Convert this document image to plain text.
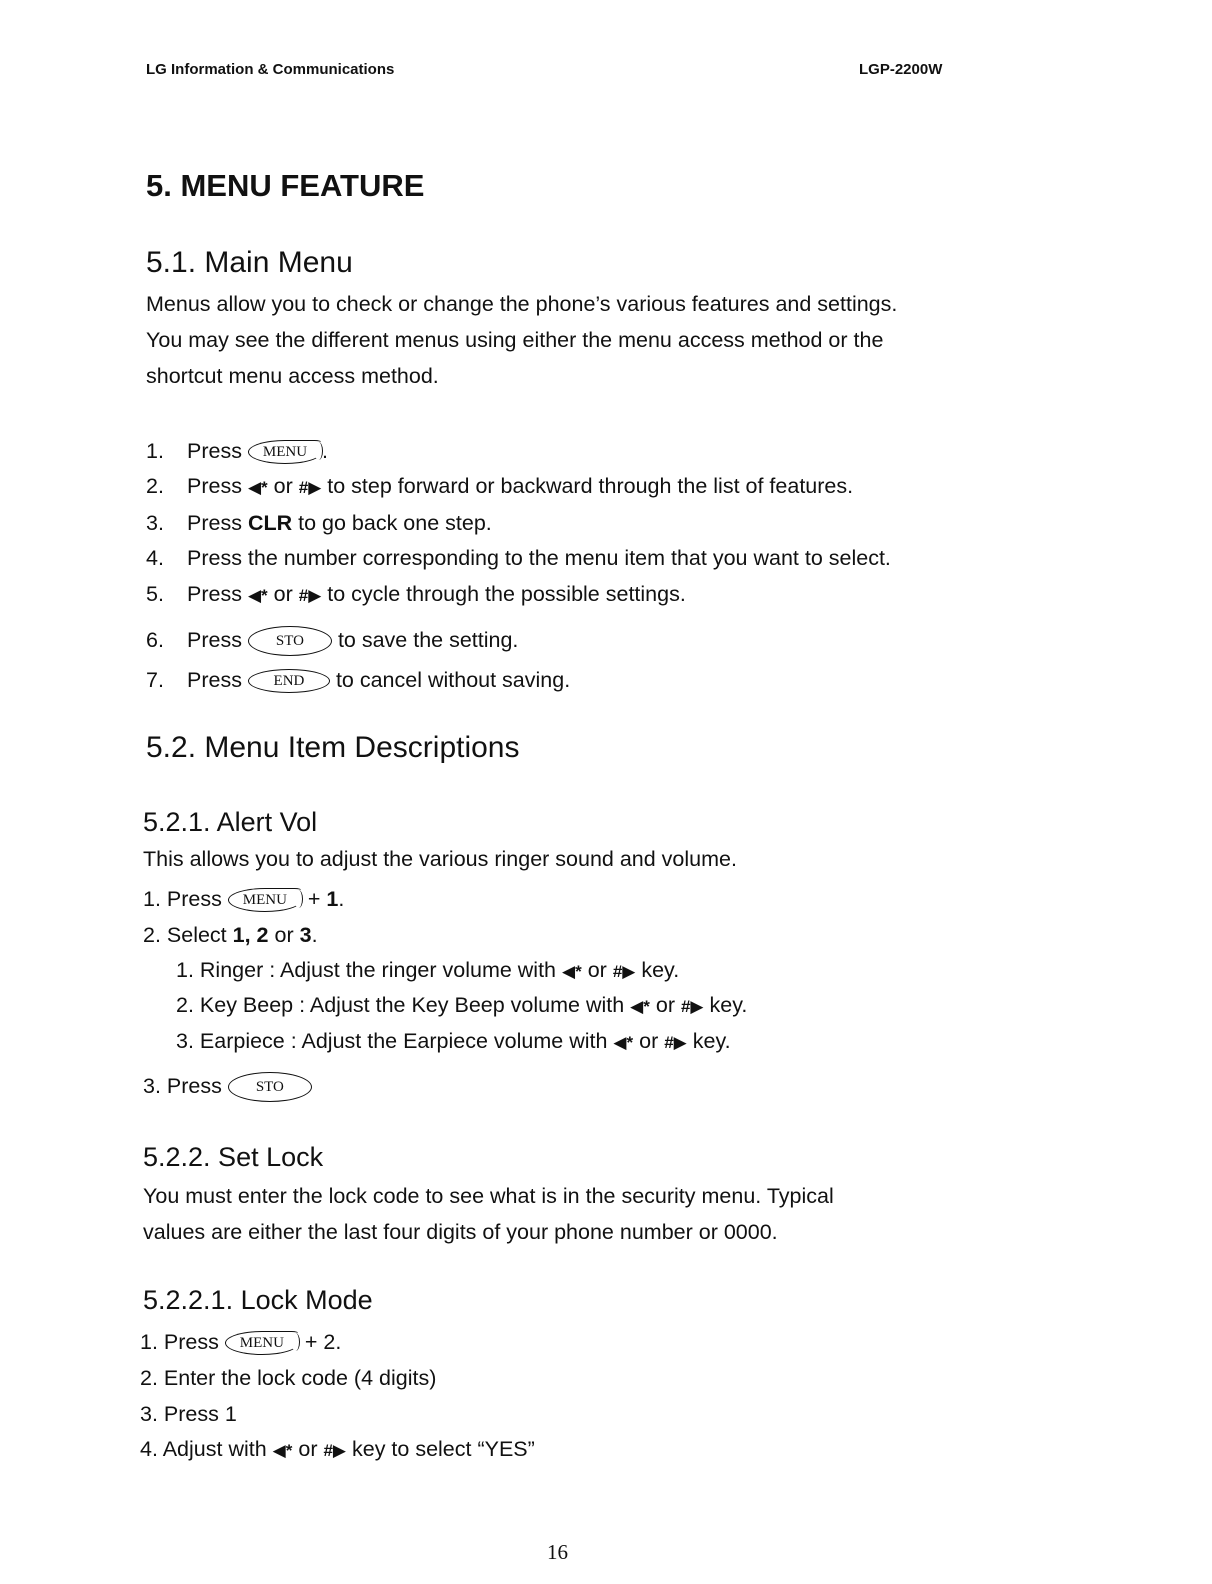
LG Information & Communications	LGP-2200W
5. MENU FEATURE
5.1. Main Menu
Menus allow you to check or change the phone’s various features and settings.
You may see the different menus using either the menu access method or the
shortcut menu access method.
1. Press MENU .
2. Press ◀* or #▶ to step forward or backward through the list of features.
3. Press CLR to go back one step.
4. Press the number corresponding to the menu item that you want to select.
5. Press ◀* or #▶ to cycle through the possible settings.
6. Press STO to save the setting.
7. Press END to cancel without saving.
5.2. Menu Item Descriptions
5.2.1. Alert Vol
This allows you to adjust the various ringer sound and volume.
1. Press MENU + 1.
2. Select 1, 2 or 3.
1. Ringer : Adjust the ringer volume with ◀* or #▶ key.
2. Key Beep : Adjust the Key Beep volume with ◀* or #▶ key.
3. Earpiece : Adjust the Earpiece volume with ◀* or #▶ key.
3. Press STO
5.2.2. Set Lock
You must enter the lock code to see what is in the security menu. Typical
values are either the last four digits of your phone number or 0000.
5.2.2.1. Lock Mode
1. Press MENU + 2.
2. Enter the lock code (4 digits)
3. Press 1
4. Adjust with ◀* or #▶ key to select “YES”
16
